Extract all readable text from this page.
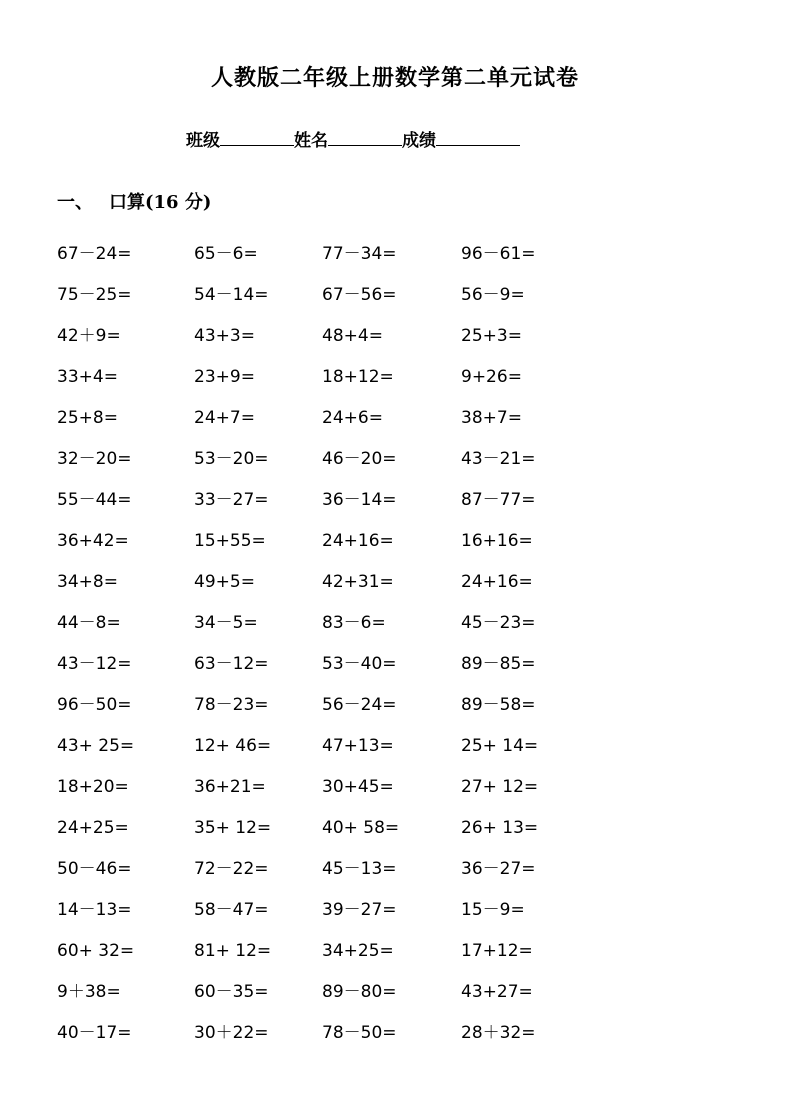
人教版二年级上册数学第二单元试卷
班级	姓名	成绩
一、 口算(16 分)
67－24=	65－6=	77－34=	96－61=
75－25=	54－14=	67－56=	56－9=
42＋9=	43+3=	48+4=	25+3=
33+4=	23+9=	18+12=	9+26=
25+8=	24+7=	24+6=	38+7=
32－20=	53－20=	46－20=	43－21=
55－44=	33－27=	36－14=	87－77=
36+42=	15+55=	24+16=	16+16=
34+8=	49+5=	42+31=	24+16=
44－8=	34－5=	83－6=	45－23=
43－12=	63－12=	53－40=	89－85=
96－50=	78－23=	56－24=	89－58=
43+ 25=	12+ 46=	47+13=	25+ 14=
18+20=	36+21=	30+45=	27+ 12=
24+25=	35+ 12=	40+ 58=	26+ 13=
50－46=	72－22=	45－13=	36－27=
14－13=	58－47=	39－27=	15－9=
60+ 32=	81+ 12=	34+25=	17+12=
9＋38=	60－35=	89－80=	43+27=
40－17=	30＋22=	78－50=	28＋32=
